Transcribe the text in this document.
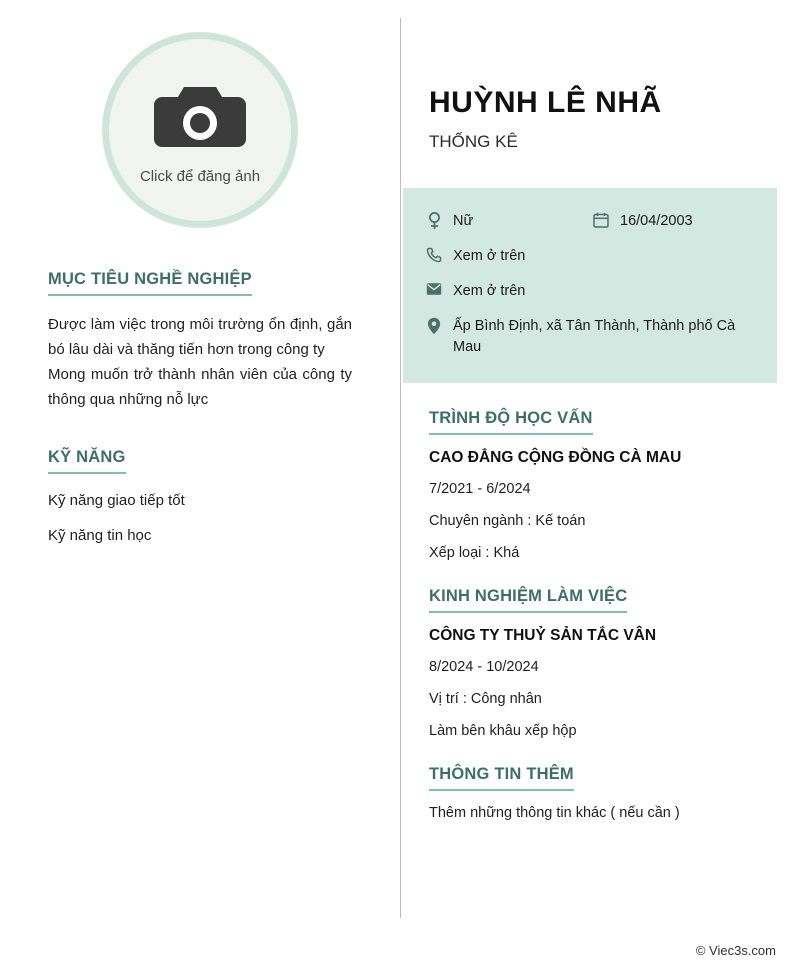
Click để đăng ảnh
MỤC TIÊU NGHỀ NGHIỆP

Được làm việc trong môi trường ổn định, gắn bó lâu dài và thăng tiến hơn trong công ty

Mong muốn trở thành nhân viên của công ty thông qua những nỗ lực

KỸ NĂNG
Kỹ năng giao tiếp tốt
Kỹ năng tin học
HUỲNH LÊ NHÃ
THỐNG KÊ
Nữ	16/04/2003
Xem ở trên
Xem ở trên
Ấp Bình Định, xã Tân Thành, Thành phố Cà Mau
TRÌNH ĐỘ HỌC VẤN
CAO ĐẲNG CỘNG ĐỒNG CÀ MAU
7/2021 - 6/2024
Chuyên ngành : Kế toán
Xếp loại : Khá
KINH NGHIỆM LÀM VIỆC
CÔNG TY THUỶ SẢN TẮC VÂN
8/2024 - 10/2024
Vị trí : Công nhân
Làm bên khâu xếp hộp
THÔNG TIN THÊM
Thêm những thông tin khác ( nếu cần )
© Viec3s.com
